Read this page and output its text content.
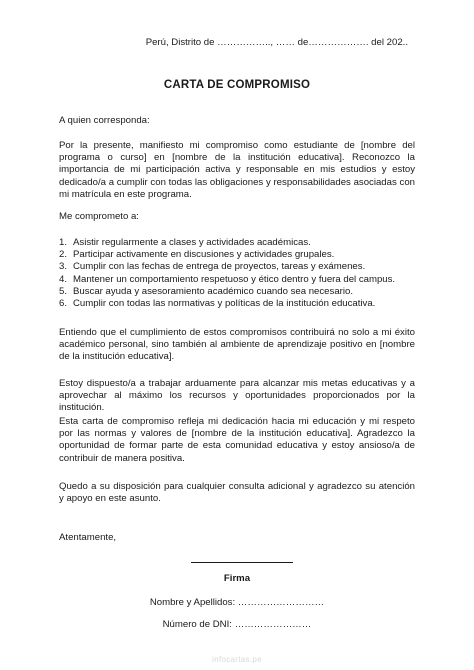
Perú, Distrito de …………….., …… de………………. del 202..
CARTA DE COMPROMISO
A quien corresponda:
Por la presente, manifiesto mi compromiso como estudiante de [nombre del programa o curso] en [nombre de la institución educativa]. Reconozco la importancia de mi participación activa y responsable en mis estudios y estoy dedicado/a a cumplir con todas las obligaciones y responsabilidades asociadas con mi matrícula en este programa.
Me comprometo a:
1. Asistir regularmente a clases y actividades académicas.
2. Participar activamente en discusiones y actividades grupales.
3. Cumplir con las fechas de entrega de proyectos, tareas y exámenes.
4. Mantener un comportamiento respetuoso y ético dentro y fuera del campus.
5. Buscar ayuda y asesoramiento académico cuando sea necesario.
6. Cumplir con todas las normativas y políticas de la institución educativa.
Entiendo que el cumplimiento de estos compromisos contribuirá no solo a mi éxito académico personal, sino también al ambiente de aprendizaje positivo en [nombre de la institución educativa].
Estoy dispuesto/a a trabajar arduamente para alcanzar mis metas educativas y a aprovechar al máximo los recursos y oportunidades proporcionados por la institución.
Esta carta de compromiso refleja mi dedicación hacia mi educación y mi respeto por las normas y valores de [nombre de la institución educativa]. Agradezco la oportunidad de formar parte de esta comunidad educativa y estoy ansioso/a de contribuir de manera positiva.
Quedo a su disposición para cualquier consulta adicional y agradezco su atención y apoyo en este asunto.
Atentamente,
Firma
Nombre y Apellidos: ………………………
Número de DNI: ……………………
infocartas.pe
